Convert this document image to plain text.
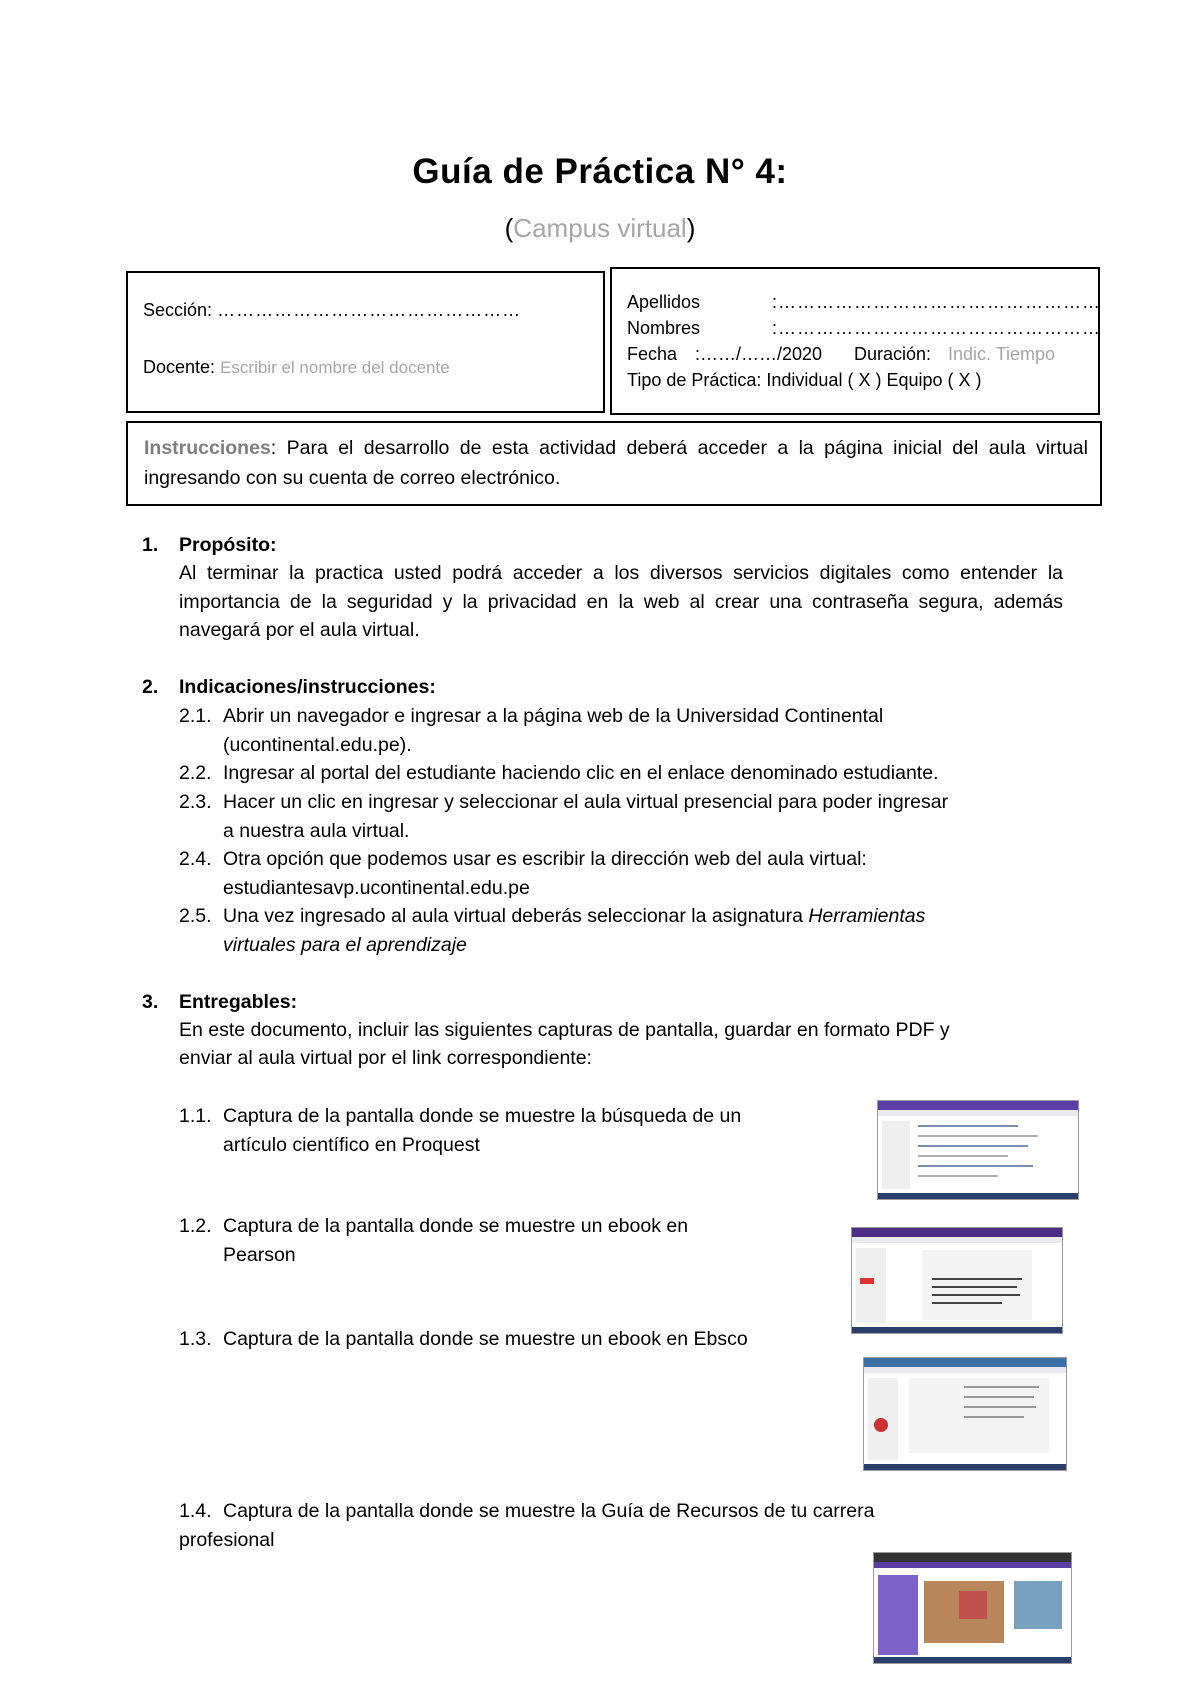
Guía de Práctica N° 4:
(Campus virtual)
Sección: …………………………………………
Docente: Escribir el nombre del docente
Apellidos	:……………………………………………
Nombres	:……………………………………………
Fecha :……/……/2020 Duración: Indic. Tiempo
Tipo de Práctica: Individual ( X ) Equipo ( X )
Instrucciones: Para el desarrollo de esta actividad deberá acceder a la página inicial del aula virtual ingresando con su cuenta de correo electrónico.
1. Propósito:
Al terminar la practica usted podrá acceder a los diversos servicios digitales como entender la importancia de la seguridad y la privacidad en la web al crear una contraseña segura, además navegará por el aula virtual.
2. Indicaciones/instrucciones:
2.1. Abrir un navegador e ingresar a la página web de la Universidad Continental
(ucontinental.edu.pe).
2.2. Ingresar al portal del estudiante haciendo clic en el enlace denominado estudiante.
2.3. Hacer un clic en ingresar y seleccionar el aula virtual presencial para poder ingresar
a nuestra aula virtual.
2.4. Otra opción que podemos usar es escribir la dirección web del aula virtual:
estudiantesavp.ucontinental.edu.pe
2.5. Una vez ingresado al aula virtual deberás seleccionar la asignatura Herramientas
virtuales para el aprendizaje
3. Entregables:
En este documento, incluir las siguientes capturas de pantalla, guardar en formato PDF y
enviar al aula virtual por el link correspondiente:
1.1. Captura de la pantalla donde se muestre la búsqueda de un
artículo científico en Proquest
1.2. Captura de la pantalla donde se muestre un ebook en
Pearson
1.3. Captura de la pantalla donde se muestre un ebook en Ebsco
1.4. Captura de la pantalla donde se muestre la Guía de Recursos de tu carrera
profesional
